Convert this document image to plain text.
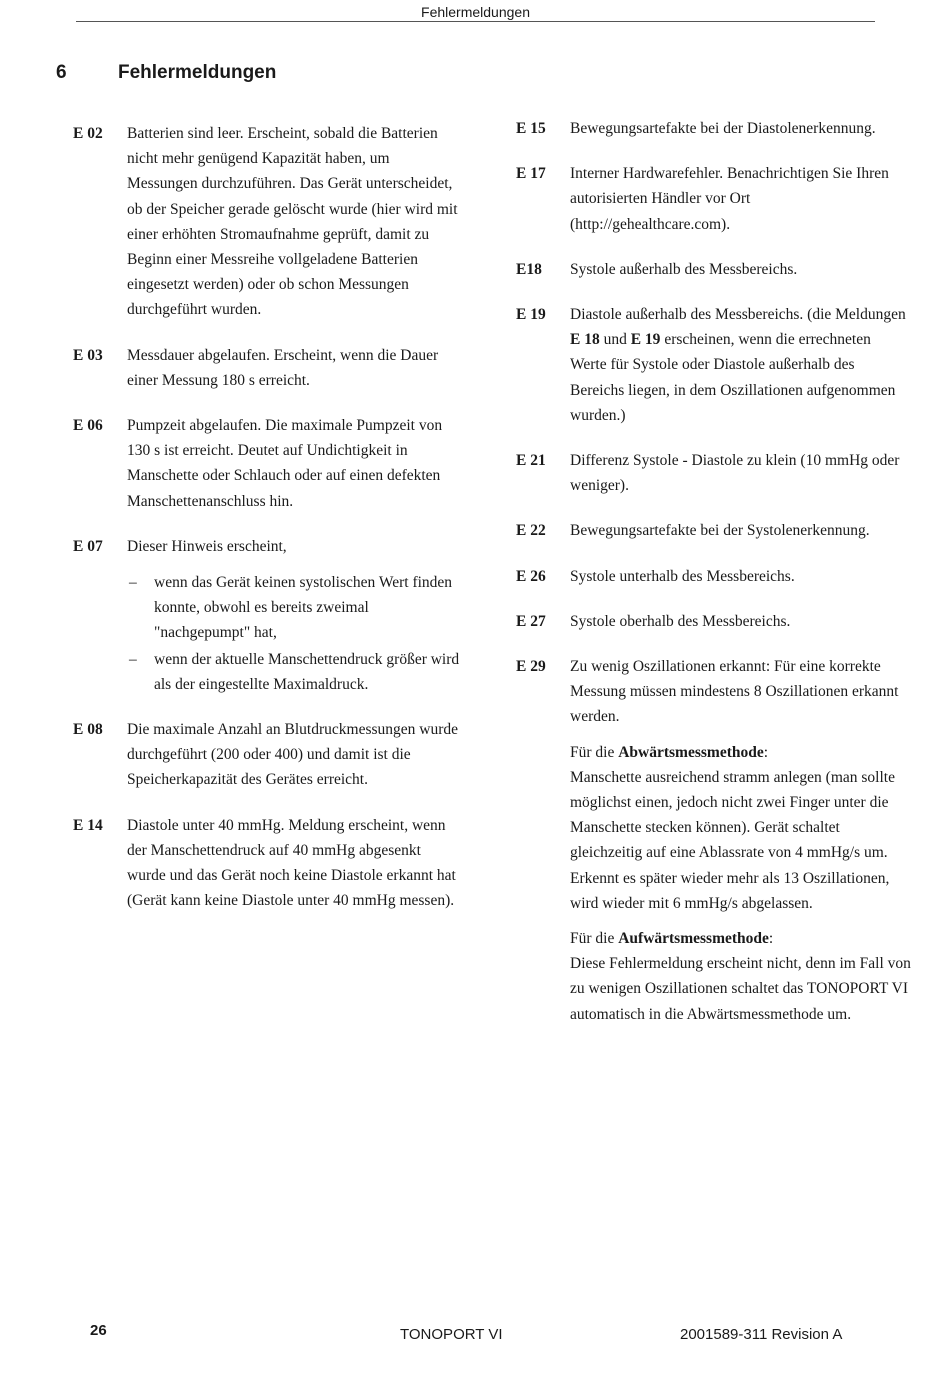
Fehlermeldungen
6	Fehlermeldungen
E 02 Batterien sind leer. Erscheint, sobald die Batterien nicht mehr genügend Kapazität haben, um Messungen durchzuführen. Das Gerät unterscheidet, ob der Speicher gerade gelöscht wurde (hier wird mit einer erhöhten Stromaufnahme geprüft, damit zu Beginn einer Messreihe vollgeladene Batterien eingesetzt werden) oder ob schon Messungen durchgeführt wurden.

E 03 Messdauer abgelaufen. Erscheint, wenn die Dauer einer Messung 180 s erreicht.

E 06 Pumpzeit abgelaufen. Die maximale Pumpzeit von 130 s ist erreicht. Deutet auf Undichtigkeit in Manschette oder Schlauch oder auf einen defekten Manschettenanschluss hin.

E 07 Dieser Hinweis erscheint,

– wenn das Gerät keinen systolischen Wert finden konnte, obwohl es bereits zweimal "nachgepumpt" hat,
– wenn der aktuelle Manschettendruck größer wird als der eingestellte Maximaldruck.
E 08 Die maximale Anzahl an Blutdruckmessungen wurde durchgeführt (200 oder 400) und damit ist die Speicherkapazität des Gerätes erreicht.

E 14 Diastole unter 40 mmHg. Meldung erscheint, wenn der Manschettendruck auf 40 mmHg abgesenkt wurde und das Gerät noch keine Diastole erkannt hat (Gerät kann keine Diastole unter 40 mmHg messen).

E 15 Bewegungsartefakte bei der Diastolenerkennung.

E 17 Interner Hardwarefehler. Benachrichtigen Sie Ihren autorisierten Händler vor Ort (http://gehealthcare.com).

E18 Systole außerhalb des Messbereichs.

E 19 Diastole außerhalb des Messbereichs. (die Meldungen E 18 und E 19 erscheinen, wenn die errechneten Werte für Systole oder Diastole außerhalb des Bereichs liegen, in dem Oszillationen aufgenommen wurden.)

E 21 Differenz Systole - Diastole zu klein (10 mmHg oder weniger).

E 22 Bewegungsartefakte bei der Systolenerkennung.

E 26 Systole unterhalb des Messbereichs.

E 27 Systole oberhalb des Messbereichs.

E 29 Zu wenig Oszillationen erkannt: Für eine korrekte Messung müssen mindestens 8 Oszillationen erkannt werden.

Für die Abwärtsmessmethode:
Manschette ausreichend stramm anlegen (man sollte möglichst einen, jedoch nicht zwei Finger unter die Manschette stecken können). Gerät schaltet gleichzeitig auf eine Ablassrate von 4 mmHg/s um. Erkennt es später wieder mehr als 13 Oszillationen, wird wieder mit 6 mmHg/s abgelassen.

Für die Aufwärtsmessmethode:
Diese Fehlermeldung erscheint nicht, denn im Fall von zu wenigen Oszillationen schaltet das TONOPORT VI automatisch in die Abwärtsmessmethode um.

26	TONOPORT VI	2001589-311 Revision A
